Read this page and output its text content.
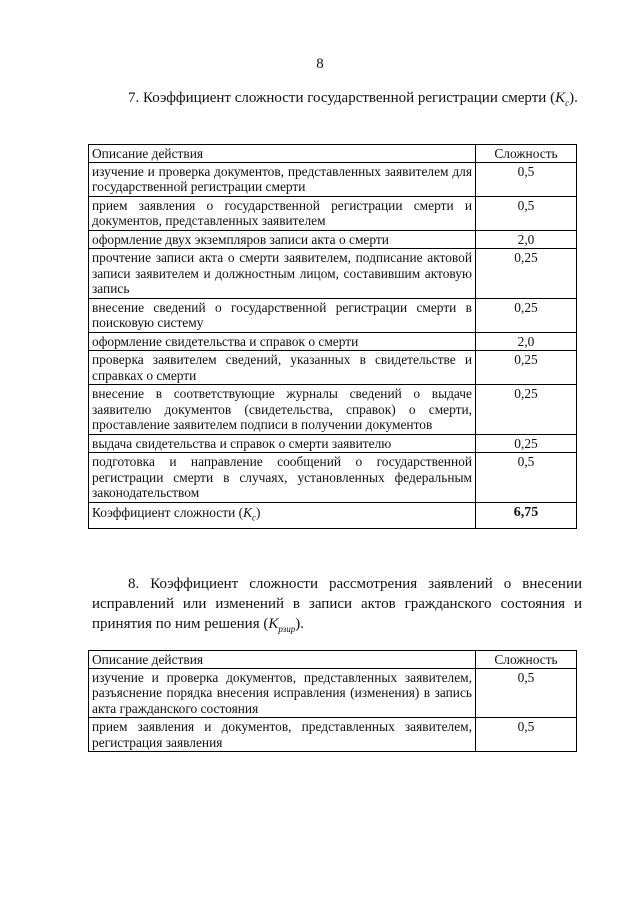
8
7. Коэффициент сложности государственной регистрации смерти $(K_c)$.
Описание действия	Сложность
изучение и проверка документов, представленных заявителем для государственной регистрации смерти	0,5
прием заявления о государственной регистрации смерти и документов, представленных заявителем	0,5
оформление двух экземпляров записи акта о смерти	2,0
прочтение записи акта о смерти заявителем, подписание актовой записи заявителем и должностным лицом, составившим актовую запись	0,25
внесение сведений о государственной регистрации смерти в поисковую систему	0,25
оформление свидетельства и справок о смерти	2,0
проверка заявителем сведений, указанных в свидетельстве и справках о смерти	0,25
внесение в соответствующие журналы сведений о выдаче заявителю документов (свидетельства, справок) о смерти, проставление заявителем подписи в получении документов	0,25
выдача свидетельства и справок о смерти заявителю	0,25
подготовка и направление сообщений о государственной регистрации смерти в случаях, установленных федеральным законодательством	0,5
Коэффициент сложности $(K_c)$	6,75
8. Коэффициент сложности рассмотрения заявлений о внесении исправлений или изменений в записи актов гражданского состояния и принятия по ним решения $(K_{рзир})$.
Описание действия	Сложность
изучение и проверка документов, представленных заявителем, разъяснение порядка внесения исправления (изменения) в запись акта гражданского состояния	0,5
прием заявления и документов, представленных заявителем, регистрация заявления	0,5
